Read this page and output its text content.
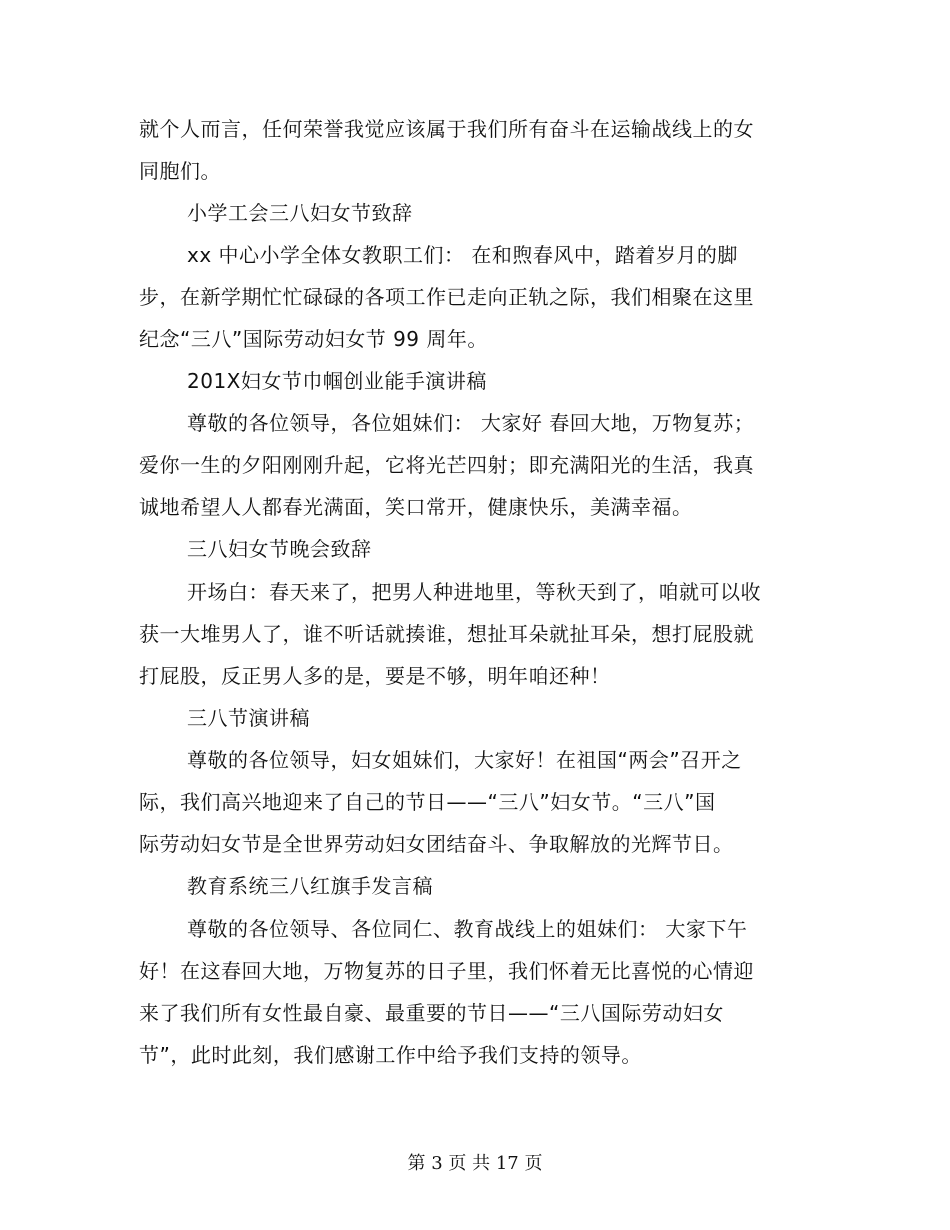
就个人而言，任何荣誉我觉应该属于我们所有奋斗在运输战线上的女
同胞们。
小学工会三八妇女节致辞
xx 中心小学全体女教职工们： 在和煦春风中，踏着岁月的脚
步，在新学期忙忙碌碌的各项工作已走向正轨之际，我们相聚在这里
纪念“三八”国际劳动妇女节 99 周年。
201X妇女节巾帼创业能手演讲稿
尊敬的各位领导，各位姐妹们： 大家好 春回大地，万物复苏；
爱你一生的夕阳刚刚升起，它将光芒四射；即充满阳光的生活，我真
诚地希望人人都春光满面，笑口常开，健康快乐，美满幸福。
三八妇女节晚会致辞
开场白：春天来了，把男人种进地里，等秋天到了，咱就可以收
获一大堆男人了，谁不听话就揍谁，想扯耳朵就扯耳朵，想打屁股就
打屁股，反正男人多的是，要是不够，明年咱还种！
三八节演讲稿
尊敬的各位领导，妇女姐妹们，大家好！在祖国“两会”召开之
际，我们高兴地迎来了自己的节日——“三八”妇女节。“三八”国
际劳动妇女节是全世界劳动妇女团结奋斗、争取解放的光辉节日。
教育系统三八红旗手发言稿
尊敬的各位领导、各位同仁、教育战线上的姐妹们： 大家下午
好！在这春回大地，万物复苏的日子里，我们怀着无比喜悦的心情迎
来了我们所有女性最自豪、最重要的节日——“三八国际劳动妇女
节”，此时此刻，我们感谢工作中给予我们支持的领导。
第 3 页 共 17 页
